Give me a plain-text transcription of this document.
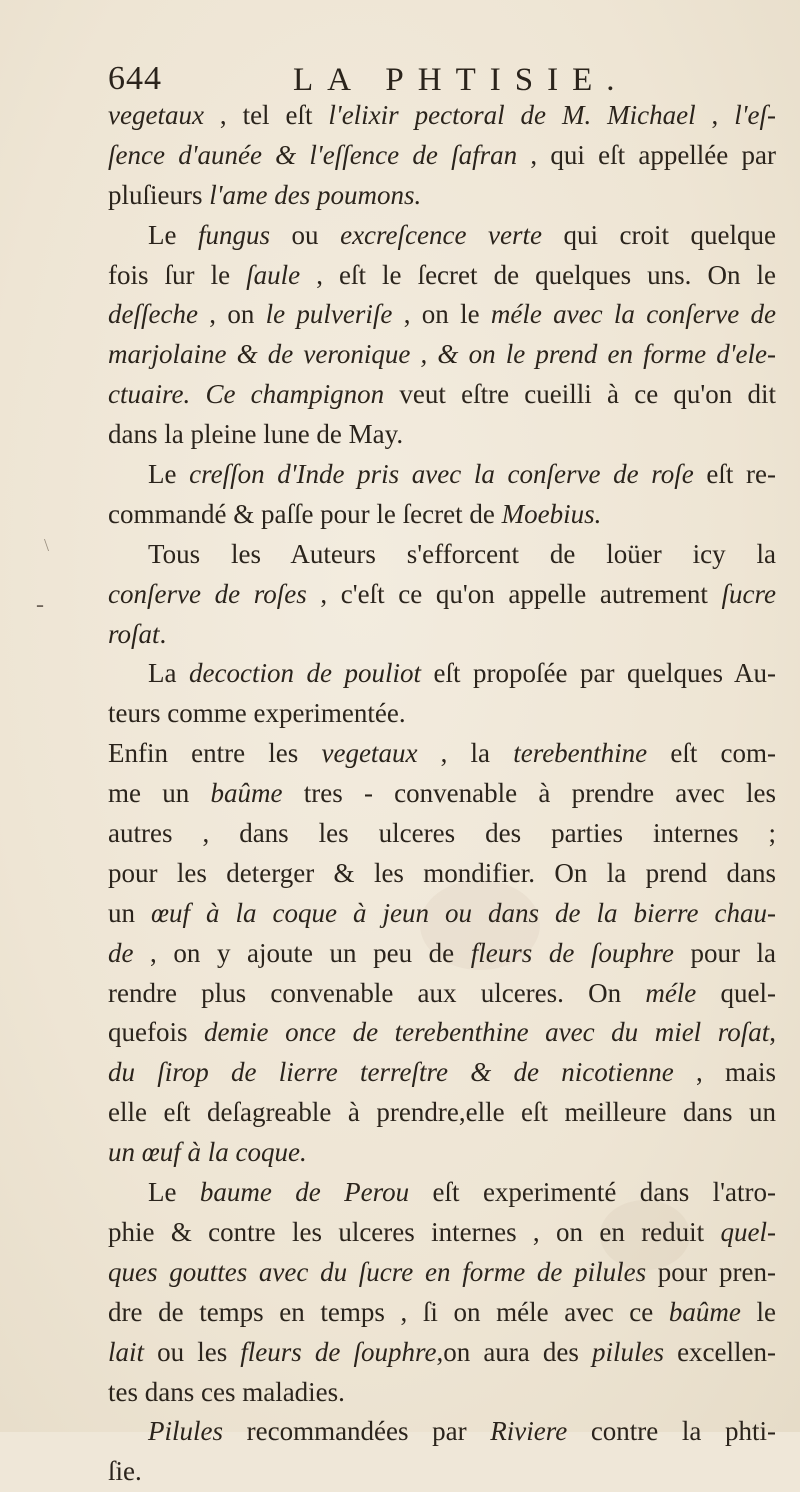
644	LA PHTISIE.
\
-
vegetaux , tel eſt l'elixir pectoral de M. Michael , l'eſ-
ſence d'aunée & l'eſſence de ſafran , qui eſt appellée par
pluſieurs l'ame des poumons.
Le fungus ou excreſcence verte qui croit quelque
fois ſur le ſaule , eſt le ſecret de quelques uns. On le
deſſeche , on le pulveriſe , on le méle avec la conſerve de
marjolaine & de veronique , & on le prend en forme d'ele-
ctuaire. Ce champignon veut eſtre cueilli à ce qu'on dit
dans la pleine lune de May.
Le creſſon d'Inde pris avec la conſerve de roſe eſt re-
commandé & paſſe pour le ſecret de Moebius.
Tous les Auteurs s'efforcent de loüer icy la
conſerve de roſes , c'eſt ce qu'on appelle autrement ſucre
roſat.
La decoction de pouliot eſt propoſée par quelques Au-
teurs comme experimentée.
Enfin entre les vegetaux , la terebenthine eſt com-
me un baûme tres - convenable à prendre avec les
autres , dans les ulceres des parties internes ;
pour les deterger & les mondifier. On la prend dans
un œuf à la coque à jeun ou dans de la bierre chau-
de , on y ajoute un peu de fleurs de ſouphre pour la
rendre plus convenable aux ulceres. On méle quel-
quefois demie once de terebenthine avec du miel roſat,
du ſirop de lierre terreſtre & de nicotienne , mais
elle eſt deſagreable à prendre,elle eſt meilleure dans un
un œuf à la coque.
Le baume de Perou eſt experimenté dans l'atro-
phie & contre les ulceres internes , on en reduit quel-
ques gouttes avec du ſucre en forme de pilules pour pren-
dre de temps en temps , ſi on méle avec ce baûme le
lait ou les fleurs de ſouphre,on aura des pilules excellen-
tes dans ces maladies.
Pilules recommandées par Riviere contre la phti-
ſie.
